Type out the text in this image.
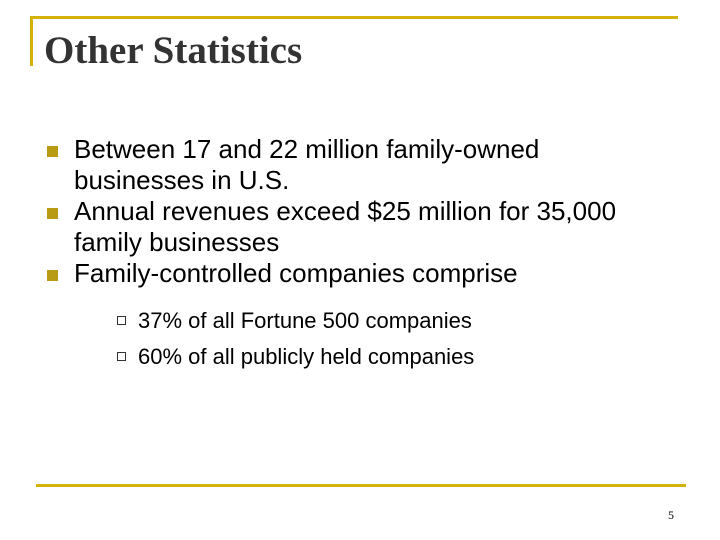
Other Statistics
Between 17 and 22 million family-owned businesses in U.S.
Annual revenues exceed $25 million for 35,000 family businesses
Family-controlled companies comprise
37% of all Fortune 500 companies
60% of all publicly held companies
5
